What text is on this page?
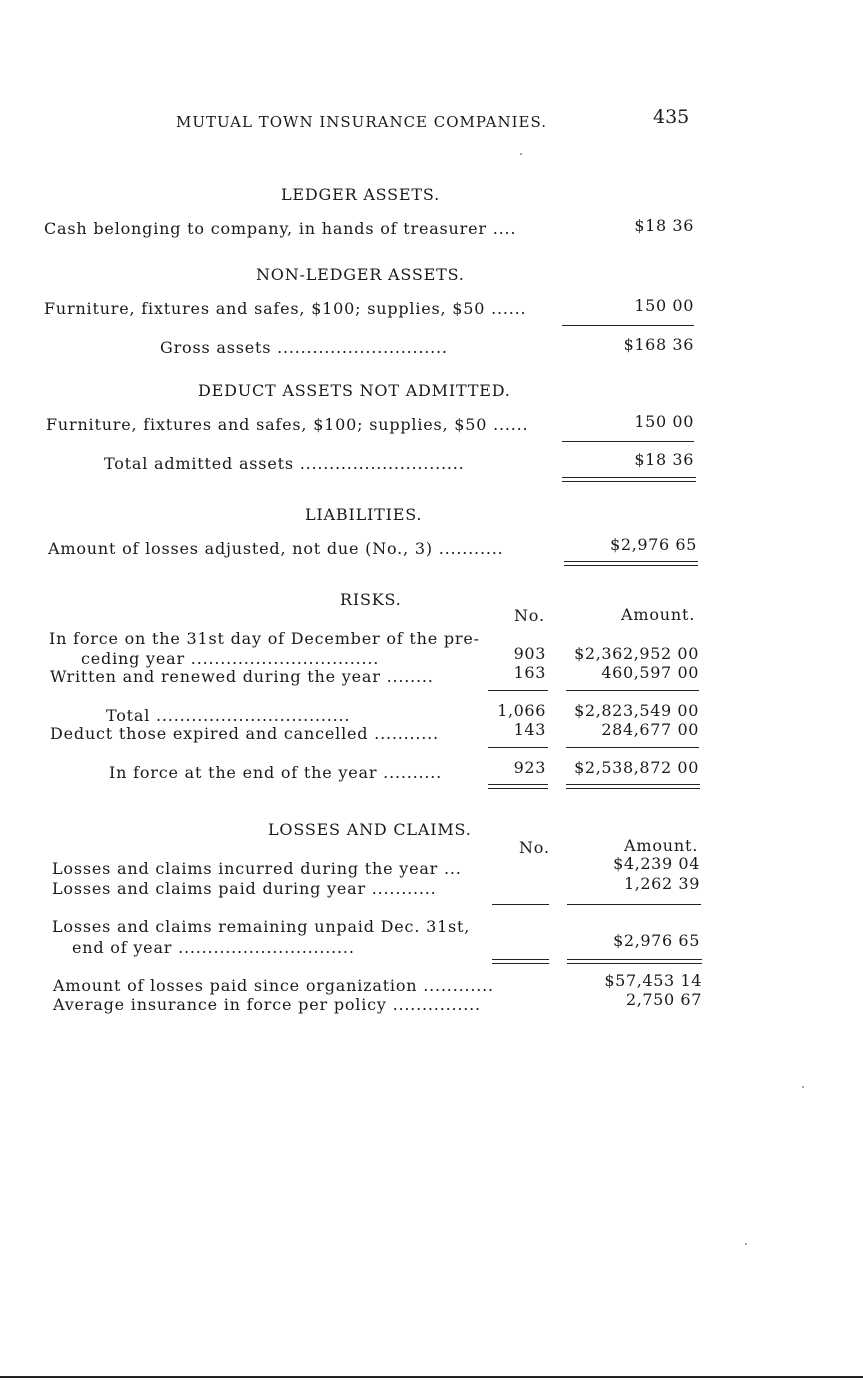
MUTUAL TOWN INSURANCE COMPANIES.	435
LEDGER ASSETS.
Cash belonging to company, in hands of treasurer ....	$18 36
NON-LEDGER ASSETS.
Furniture, fixtures and safes, $100; supplies, $50 ......	150 00
Gross assets .............................	$168 36
DEDUCT ASSETS NOT ADMITTED.
Furniture, fixtures and safes, $100; supplies, $50 ......	150 00
Total admitted assets ............................	$18 36
LIABILITIES.
Amount of losses adjusted, not due (No., 3) ...........	$2,976 65
RISKS.
No.	Amount.
In force on the 31st day of December of the pre-
ceding year ................................	903	$2,362,952 00
Written and renewed during the year ........	163	460,597 00
Total .................................	1,066	$2,823,549 00
Deduct those expired and cancelled ...........	143	284,677 00
In force at the end of the year ..........	923	$2,538,872 00
LOSSES AND CLAIMS.
No.	Amount.
Losses and claims incurred during the year ...	$4,239 04
Losses and claims paid during year ...........	1,262 39
Losses and claims remaining unpaid Dec. 31st,
end of year ..............................	$2,976 65
Amount of losses paid since organization ............	$57,453 14
Average insurance in force per policy ...............	2,750 67
